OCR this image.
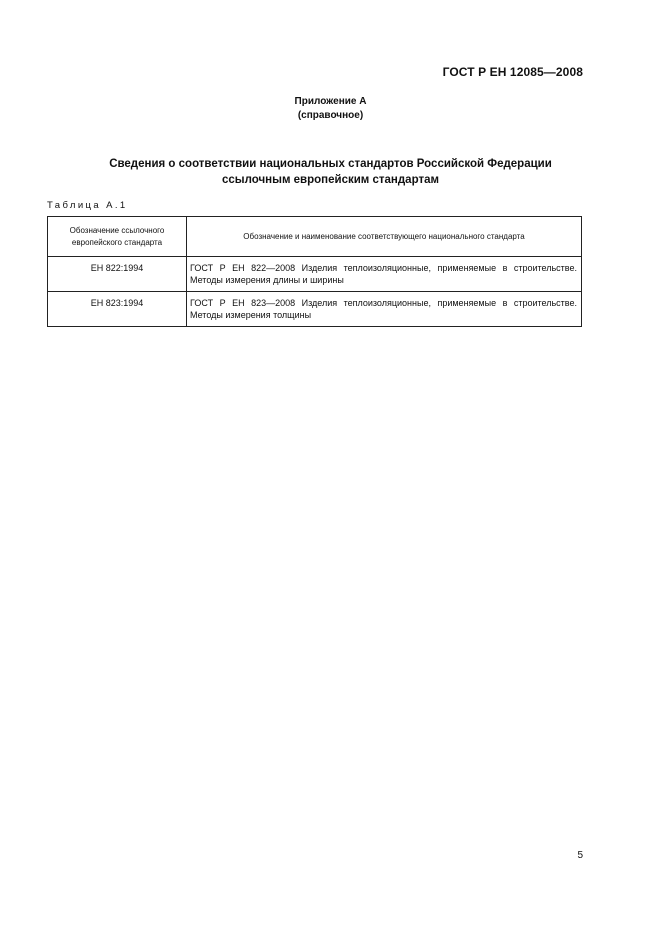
ГОСТ Р ЕН 12085—2008
Приложение А
(справочное)
Сведения о соответствии национальных стандартов Российской Федерации
ссылочным европейским стандартам
Таблица А.1
Обозначение ссылочного европейского стандарта	Обозначение и наименование соответствующего национального стандарта
ЕН 822:1994	ГОСТ Р ЕН 822—2008 Изделия теплоизоляционные, применяемые в строительстве. Методы измерения длины и ширины
ЕН 823:1994	ГОСТ Р ЕН 823—2008 Изделия теплоизоляционные, применяемые в строительстве. Методы измерения толщины
5
